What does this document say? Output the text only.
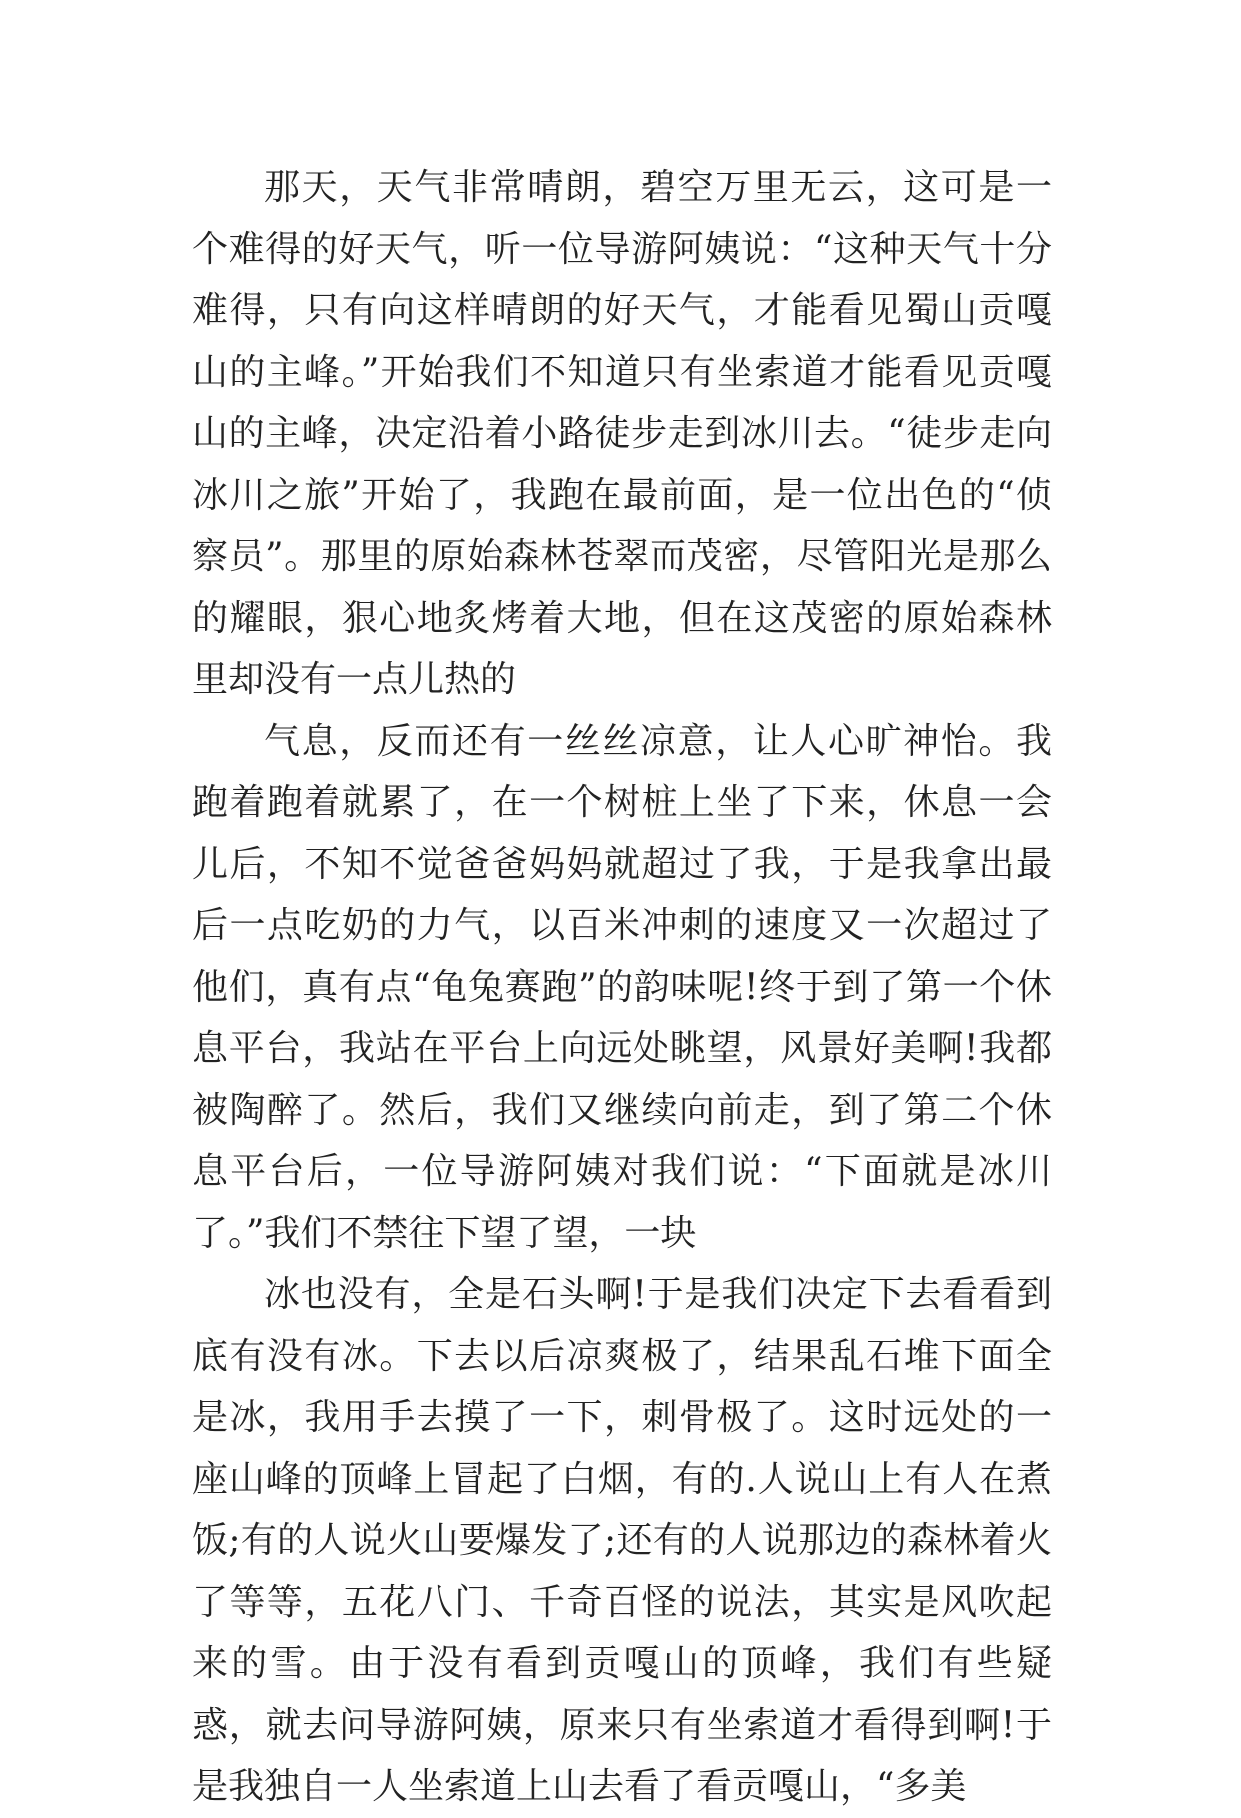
那天，天气非常晴朗，碧空万里无云，这可是一个难得的好天气，听一位导游阿姨说：“这种天气十分难得，只有向这样晴朗的好天气，才能看见蜀山贡嘎山的主峰。”开始我们不知道只有坐索道才能看见贡嘎山的主峰，决定沿着小路徒步走到冰川去。“徒步走向冰川之旅”开始了，我跑在最前面，是一位出色的“侦察员”。那里的原始森林苍翠而茂密，尽管阳光是那么的耀眼，狠心地炙烤着大地，但在这茂密的原始森林里却没有一点儿热的

气息，反而还有一丝丝凉意，让人心旷神怡。我跑着跑着就累了，在一个树桩上坐了下来，休息一会儿后，不知不觉爸爸妈妈就超过了我，于是我拿出最后一点吃奶的力气，以百米冲刺的速度又一次超过了他们，真有点“龟兔赛跑”的韵味呢!终于到了第一个休息平台，我站在平台上向远处眺望，风景好美啊!我都被陶醉了。然后，我们又继续向前走，到了第二个休息平台后，一位导游阿姨对我们说：“下面就是冰川了。”我们不禁往下望了望，一块

冰也没有，全是石头啊!于是我们决定下去看看到底有没有冰。下去以后凉爽极了，结果乱石堆下面全是冰，我用手去摸了一下，刺骨极了。这时远处的一座山峰的顶峰上冒起了白烟，有的.人说山上有人在煮饭;有的人说火山要爆发了;还有的人说那边的森林着火了等等，五花八门、千奇百怪的说法，其实是风吹起来的雪。由于没有看到贡嘎山的顶峰，我们有些疑惑，就去问导游阿姨，原来只有坐索道才看得到啊!于是我独自一人坐索道上山去看了看贡嘎山，“多美
